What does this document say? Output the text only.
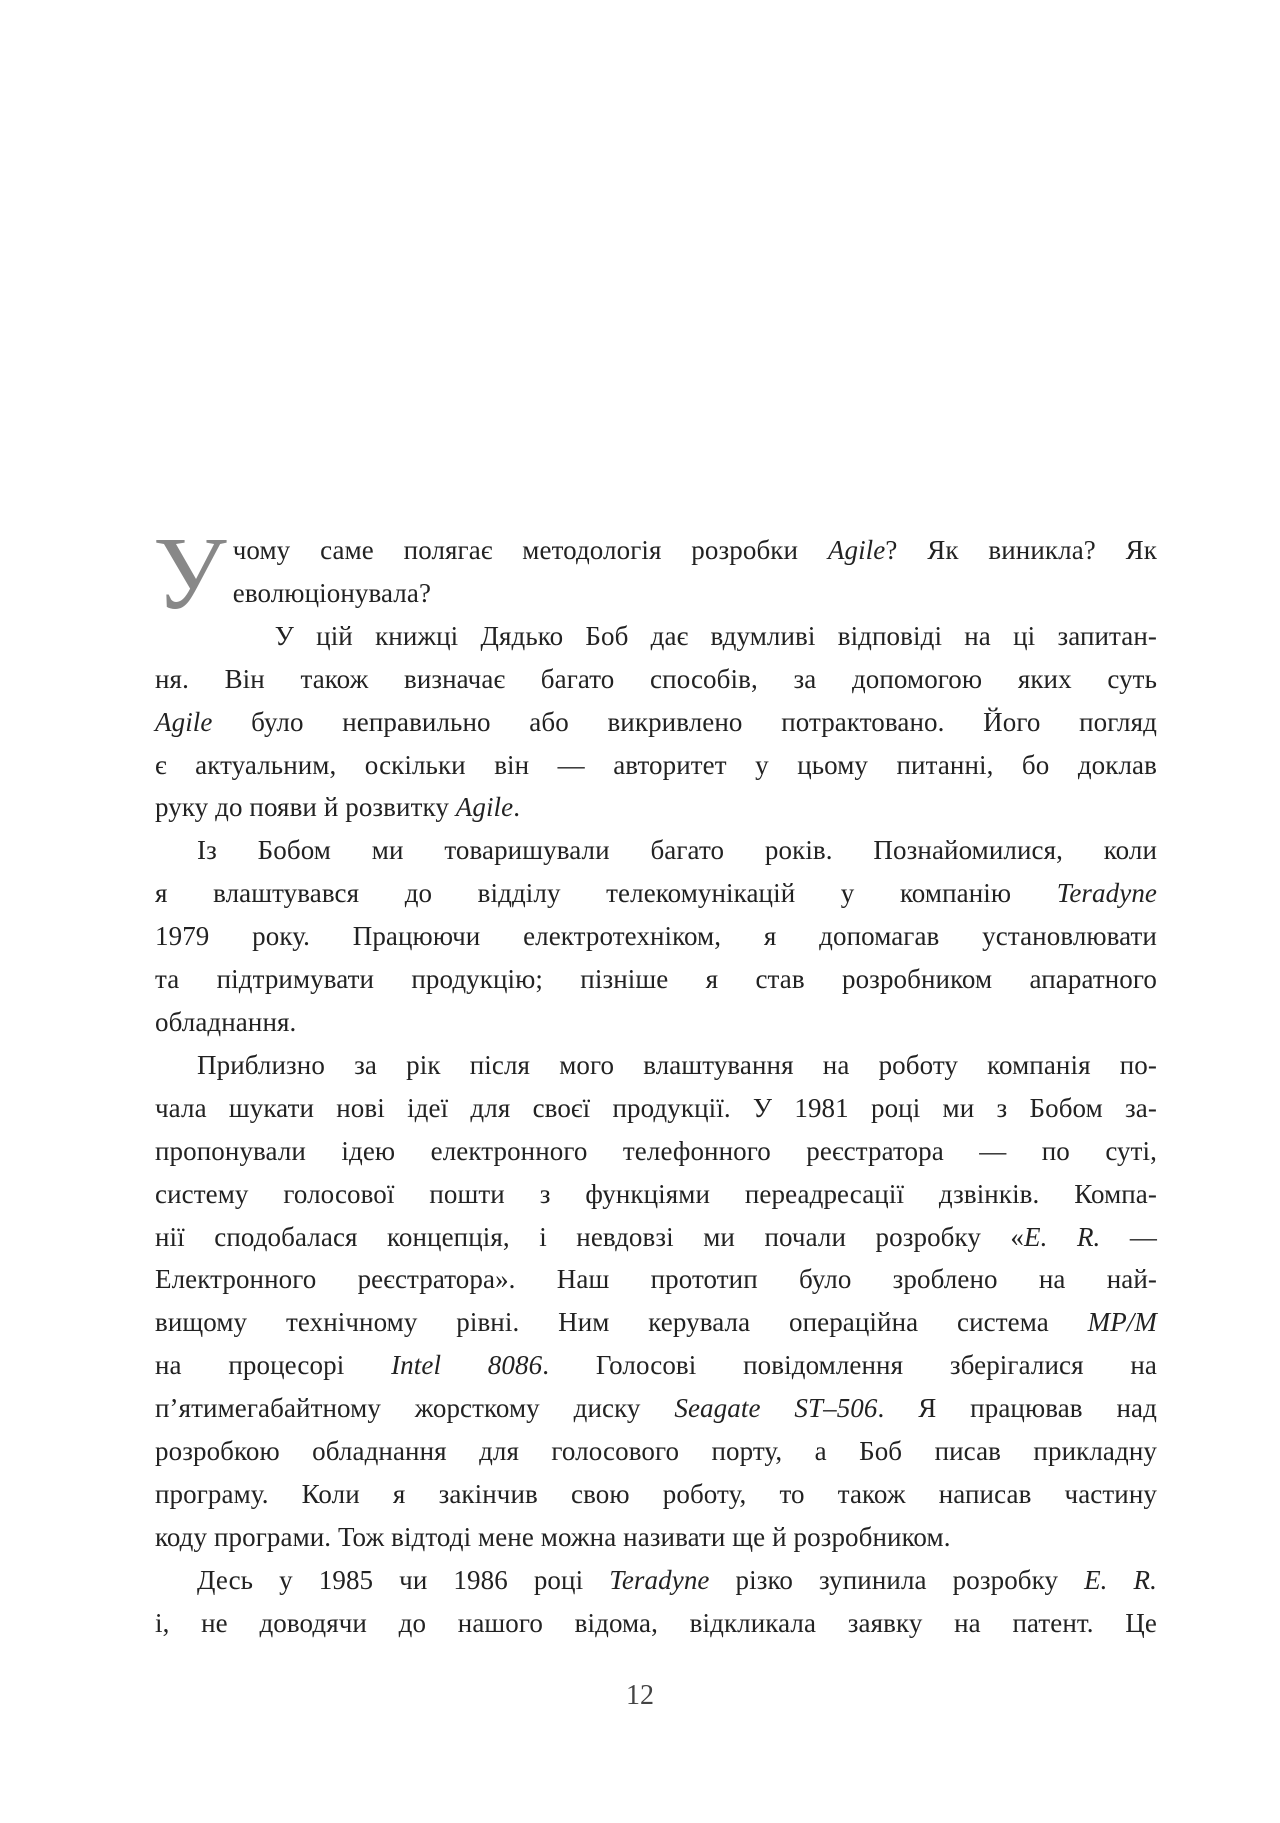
У чому саме полягає методологія розробки Agile? Як виникла? Як
еволюціонувала?
У цій книжці Дядько Боб дає вдумливі відповіді на ці запитан-
ня. Він також визначає багато способів, за допомогою яких суть
Agile було неправильно або викривлено потрактовано. Його погляд
є актуальним, оскільки він — авторитет у цьому питанні, бо доклав
руку до появи й розвитку Agile.
Із Бобом ми товаришували багато років. Познайомилися, коли
я влаштувався до відділу телекомунікацій у компанію Teradyne
1979 року. Працюючи електротехніком, я допомагав установлювати
та підтримувати продукцію; пізніше я став розробником апаратного
обладнання.
Приблизно за рік після мого влаштування на роботу компанія по-
чала шукати нові ідеї для своєї продукції. У 1981 році ми з Бобом за-
пропонували ідею електронного телефонного реєстратора — по суті,
систему голосової пошти з функціями переадресації дзвінків. Компа-
нії сподобалася концепція, і невдовзі ми почали розробку «E. R. —
Електронного реєстратора». Наш прототип було зроблено на най-
вищому технічному рівні. Ним керувала операційна система MP/M
на процесорі Intel 8086. Голосові повідомлення зберігалися на
п’ятимегабайтному жорсткому диску Seagate ST–506. Я працював над
розробкою обладнання для голосового порту, а Боб писав прикладну
програму. Коли я закінчив свою роботу, то також написав частину
коду програми. Тож відтоді мене можна називати ще й розробником.
Десь у 1985 чи 1986 році Teradyne різко зупинила розробку E. R.
і, не доводячи до нашого відома, відкликала заявку на патент. Це
12
